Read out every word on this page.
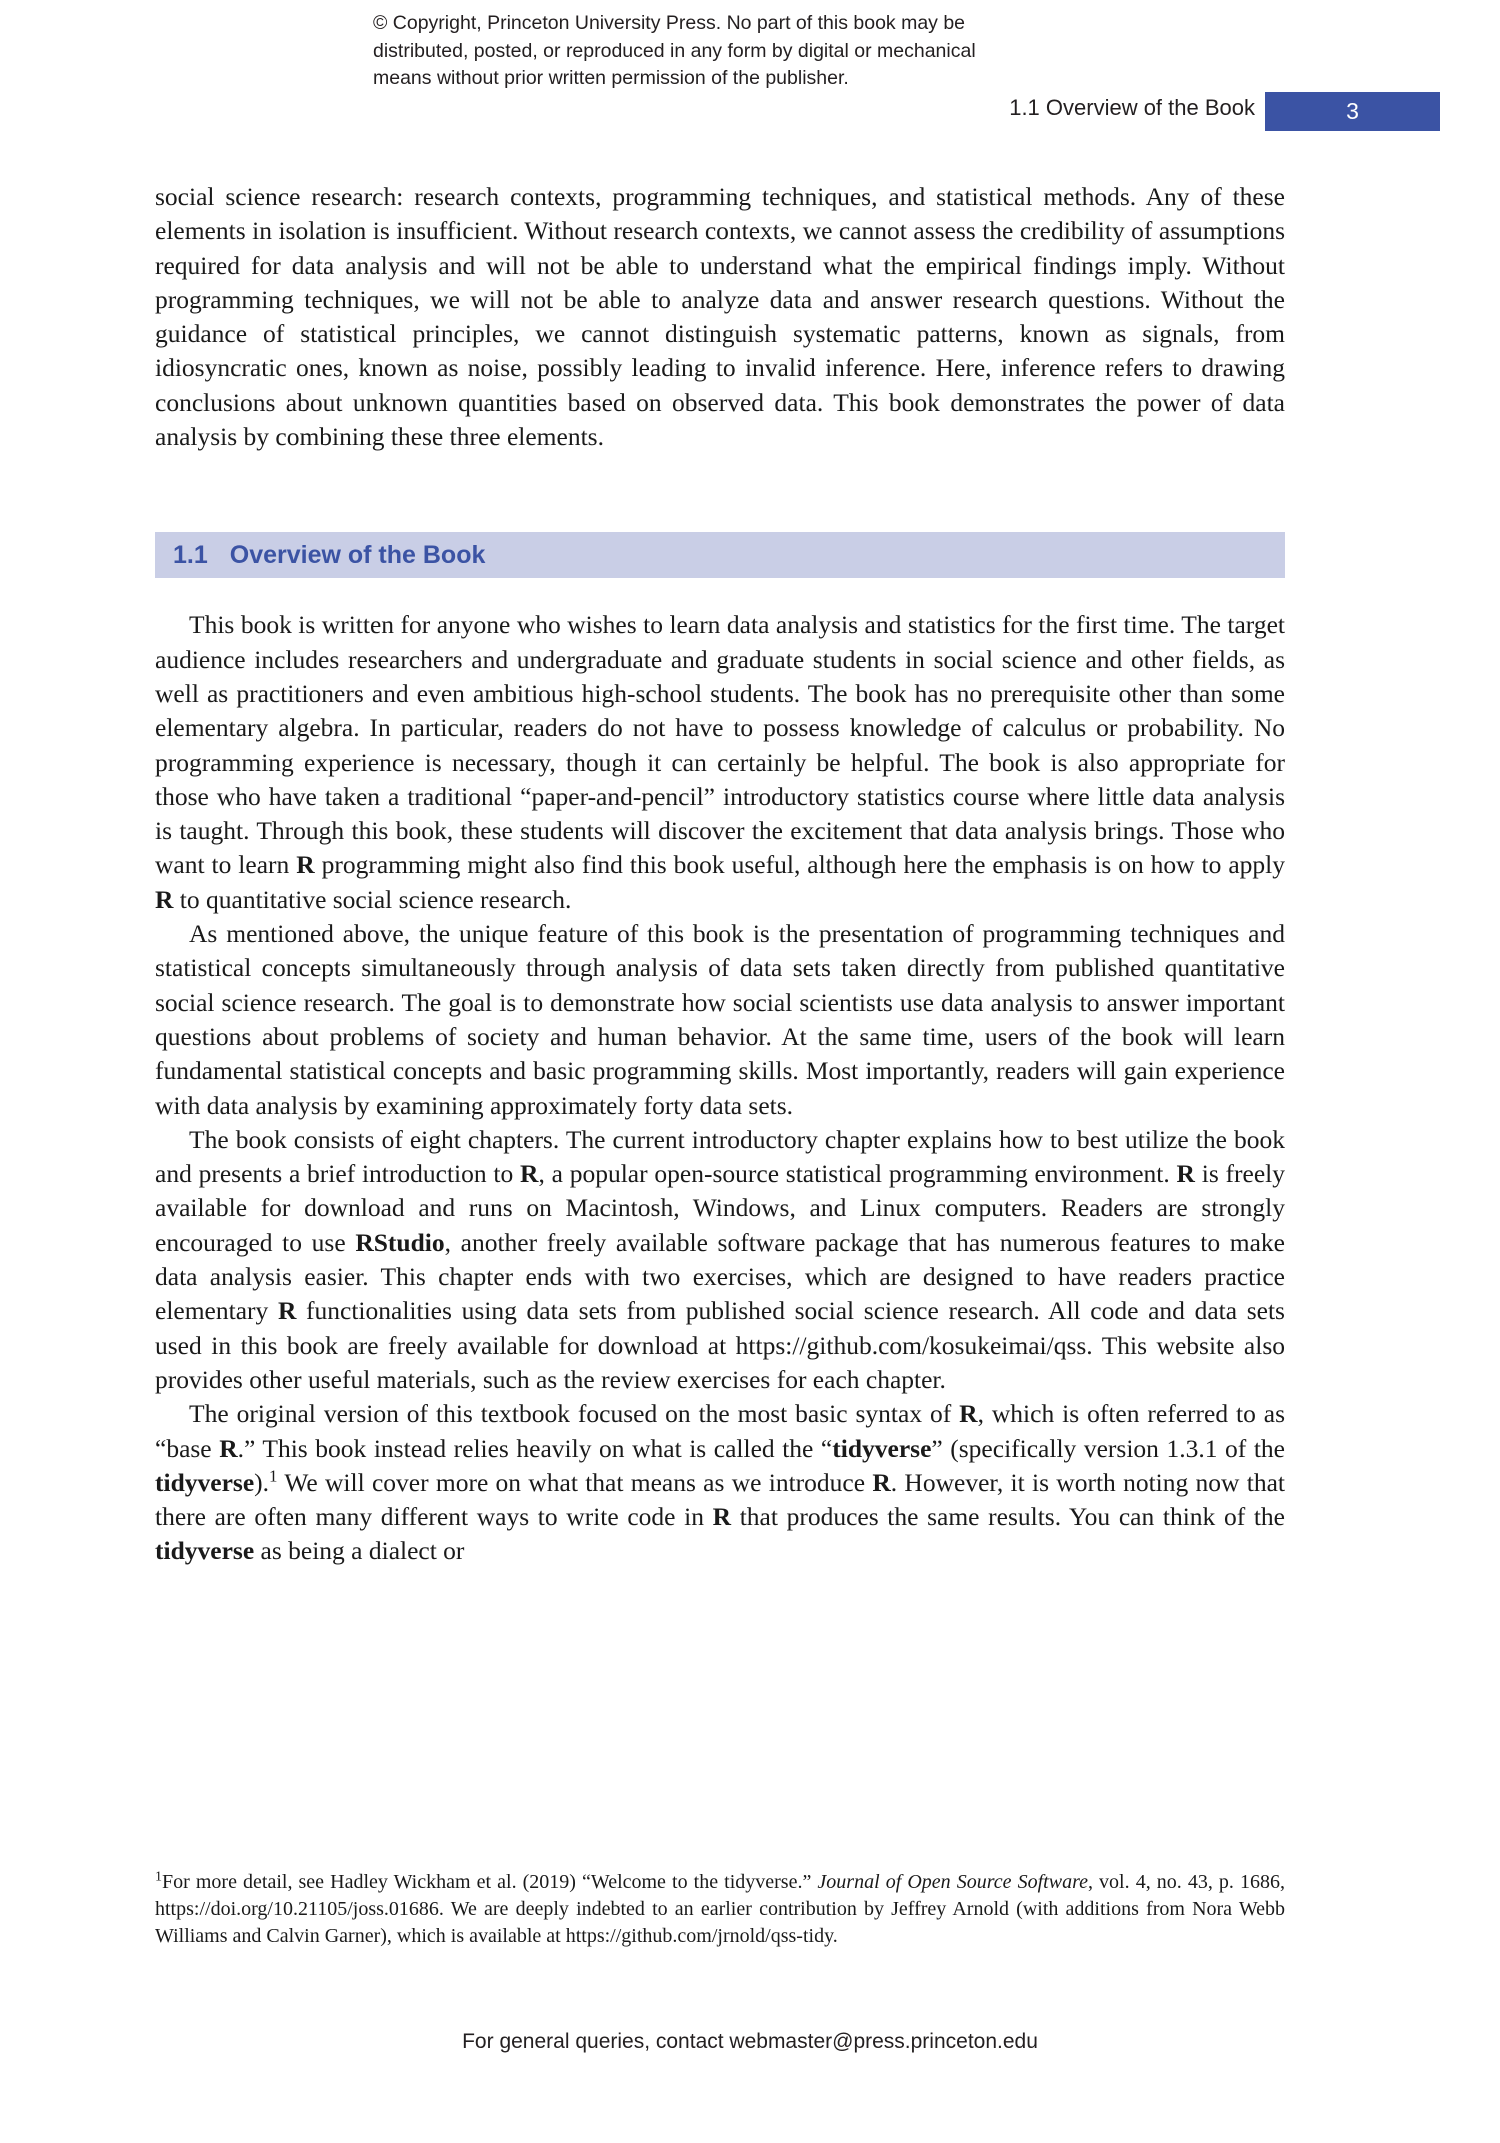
© Copyright, Princeton University Press. No part of this book may be
distributed, posted, or reproduced in any form by digital or mechanical
means without prior written permission of the publisher.
1.1 Overview of the Book	3

social science research: research contexts, programming techniques, and statistical methods. Any of these elements in isolation is insufficient. Without research contexts, we cannot assess the credibility of assumptions required for data analysis and will not be able to understand what the empirical findings imply. Without programming techniques, we will not be able to analyze data and answer research questions. Without the guidance of statistical principles, we cannot distinguish systematic patterns, known as signals, from idiosyncratic ones, known as noise, possibly leading to invalid inference. Here, inference refers to drawing conclusions about unknown quantities based on observed data. This book demonstrates the power of data analysis by combining these three elements.

1.1 Overview of the Book

This book is written for anyone who wishes to learn data analysis and statistics for the first time. The target audience includes researchers and undergraduate and graduate students in social science and other fields, as well as practitioners and even ambitious high-school students. The book has no prerequisite other than some elementary algebra. In particular, readers do not have to possess knowledge of calculus or probability. No programming experience is necessary, though it can certainly be helpful. The book is also appropriate for those who have taken a traditional “paper-and-pencil” introductory statistics course where little data analysis is taught. Through this book, these students will discover the excitement that data analysis brings. Those who want to learn R programming might also find this book useful, although here the emphasis is on how to apply R to quantitative social science research.

As mentioned above, the unique feature of this book is the presentation of programming techniques and statistical concepts simultaneously through analysis of data sets taken directly from published quantitative social science research. The goal is to demonstrate how social scientists use data analysis to answer important questions about problems of society and human behavior. At the same time, users of the book will learn fundamental statistical concepts and basic programming skills. Most importantly, readers will gain experience with data analysis by examining approximately forty data sets.

The book consists of eight chapters. The current introductory chapter explains how to best utilize the book and presents a brief introduction to R, a popular open-source statistical programming environment. R is freely available for download and runs on Macintosh, Windows, and Linux computers. Readers are strongly encouraged to use RStudio, another freely available software package that has numerous features to make data analysis easier. This chapter ends with two exercises, which are designed to have readers practice elementary R functionalities using data sets from published social science research. All code and data sets used in this book are freely available for download at https://github.com/kosukeimai/qss. This website also provides other useful materials, such as the review exercises for each chapter.

The original version of this textbook focused on the most basic syntax of R, which is often referred to as “base R.” This book instead relies heavily on what is called the “tidyverse” (specifically version 1.3.1 of the tidyverse).$^1$ We will cover more on what that means as we introduce R. However, it is worth noting now that there are often many different ways to write code in R that produces the same results. You can think of the tidyverse as being a dialect or

$^1$For more detail, see Hadley Wickham et al. (2019) “Welcome to the tidyverse.” Journal of Open Source Software, vol. 4, no. 43, p. 1686, https://doi.org/10.21105/joss.01686. We are deeply indebted to an earlier contribution by Jeffrey Arnold (with additions from Nora Webb Williams and Calvin Garner), which is available at https://github.com/jrnold/qss-tidy.
For general queries, contact webmaster@press.princeton.edu
